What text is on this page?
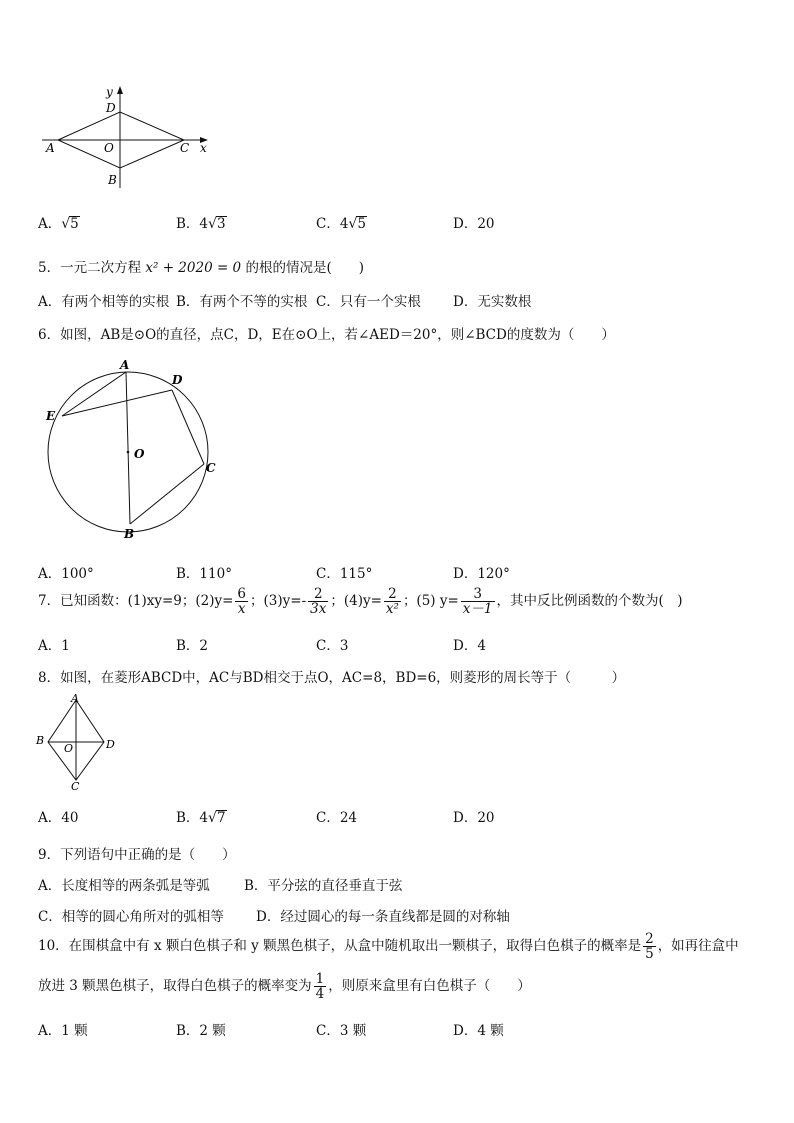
y
D
A	O	C x
B
A．√5	B．4√3	C．4√5	D．20
5．一元二次方程 x² + 2020 = 0 的根的情况是(　　)
A．有两个相等的实根 B．有两个不等的实根 C．只有一个实根 D．无实数根
6．如图，AB是⊙O的直径，点C，D，E在⊙O上，若∠AED＝20°，则∠BCD的度数为（　　）
A
D
E
O
C
B
A．100°	B．110°	C．115°	D．120°
7．已知函数：(1)xy=9；$(2)y= \frac{6}{x}$ ；$(3)y=- \frac{2}{3x}$ ；$(4)y= \frac{2}{\text{x²}}$ ；(5) $y= \frac{3}{x-1}$ ，其中反比例函数的个数为(　)
A．1	B．2	C．3	D．4
8．如图，在菱形ABCD中，AC与BD相交于点O，AC=8，BD=6，则菱形的周长等于（　　　）
A
B
O	D
C
A．40	B．4√7	C．24	D．20
9．下列语句中正确的是（　　）
A．长度相等的两条弧是等弧	B．平分弦的直径垂直于弦
C．相等的圆心角所对的弧相等 D．经过圆心的每一条直线都是圆的对称轴
10．在围棋盒中有 x 颗白色棋子和 y 颗黑色棋子，从盒中随机取出一颗棋子，取得白色棋子的概率是 $\frac{2}{5}$ ，如再往盒中
放进 3 颗黑色棋子，取得白色棋子的概率变为 $\frac{1}{4}$ ，则原来盒里有白色棋子（　　）
A．1 颗	B．2 颗	C．3 颗	D．4 颗
